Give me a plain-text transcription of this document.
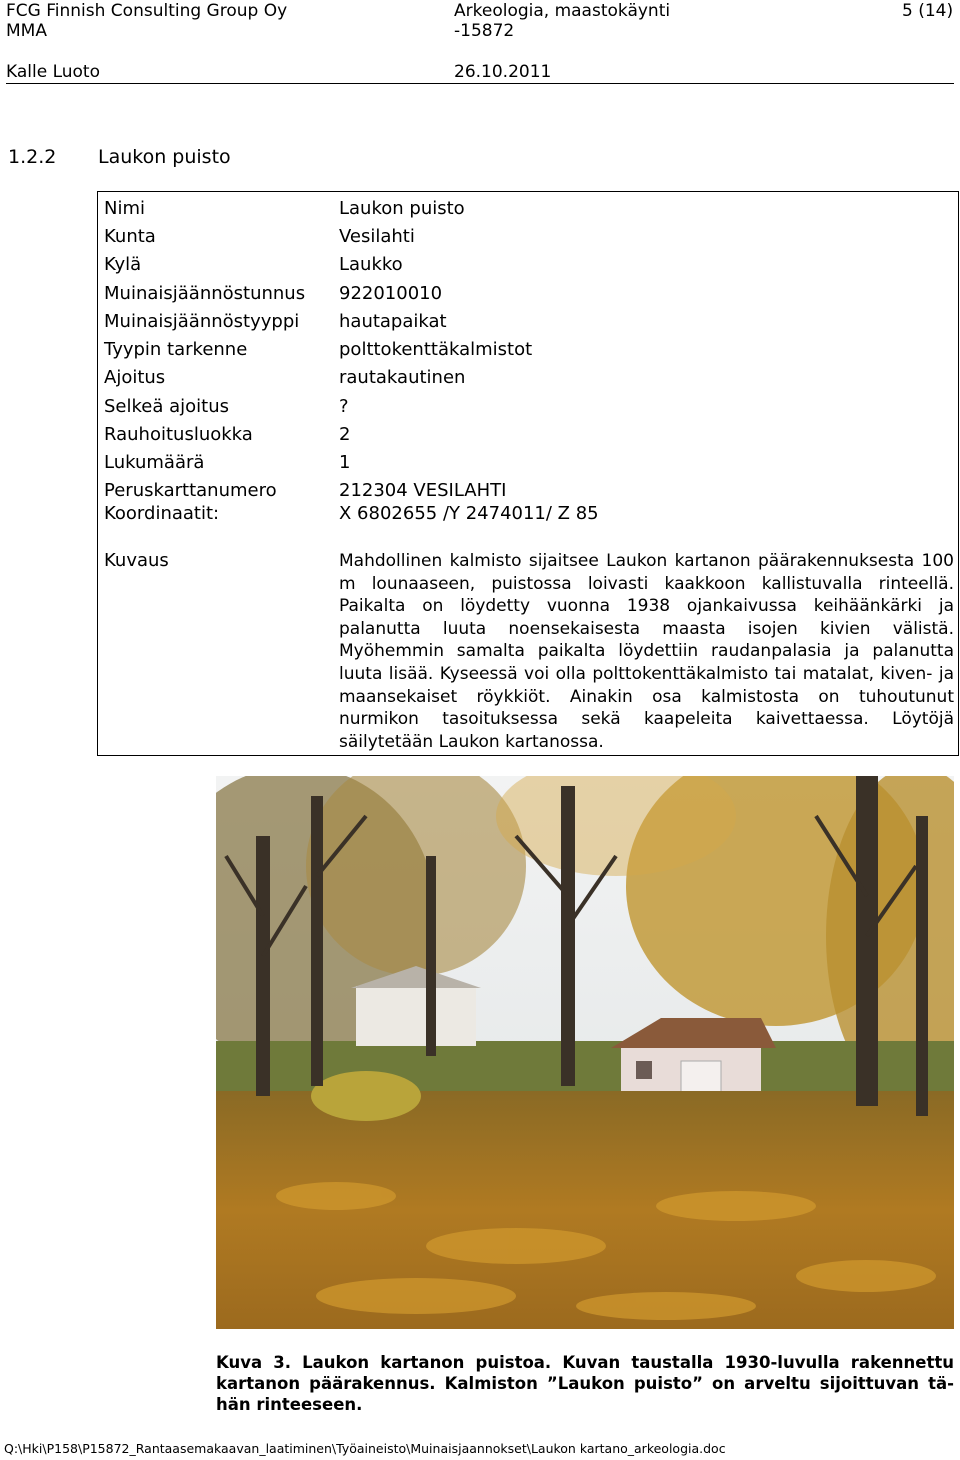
FCG Finnish Consulting Group Oy	Arkeologia, maastokäynti	5 (14)
MMA	-15872
Kalle Luoto	26.10.2011
1.2.2 Laukon puisto
Nimi	Laukon puisto
Kunta	Vesilahti
Kylä	Laukko
Muinaisjäännöstunnus 922010010
Muinaisjäännöstyyppi hautapaikat
Tyypin tarkenne	polttokenttäkalmistot
Ajoitus	rautakautinen
Selkeä ajoitus	?
Rauhoitusluokka	2
Lukumäärä	1
Peruskarttanumero	212304 VESILAHTI
Koordinaatit:	X 6802655 /Y 2474011/ Z 85
Kuvaus	Mahdollinen kalmisto sijaitsee Laukon kartanon päärakennuksesta 100 m lounaaseen, puistossa loivasti kaakkoon kallistuvalla rinteellä. Paikalta on löydetty vuonna 1938 ojankaivussa keihäänkärki ja palanutta luuta noensekaisesta maasta isojen kivien välistä. Myöhemmin samalta paikalta löydettiin raudanpalasia ja palanutta luuta lisää. Kyseessä voi olla polttokenttäkalmisto tai matalat, kiven- ja maansekaiset röykkiöt. Ainakin osa kalmistosta on tuhoutunut nurmikon tasoituksessa sekä kaapeleita kaivettaessa. Löytöjä säilytetään Laukon kartanossa.
Kuva 3. Laukon kartanon puistoa. Kuvan taustalla 1930-luvulla rakennettu kartanon päärakennus. Kalmiston ”Laukon puisto” on arveltu sijoittuvan tähän rinteeseen.
Q:\Hki\P158\P15872_Rantaasemakaavan_laatiminen\Työaineisto\Muinaisjaannokset\Laukon kartano_arkeologia.doc
